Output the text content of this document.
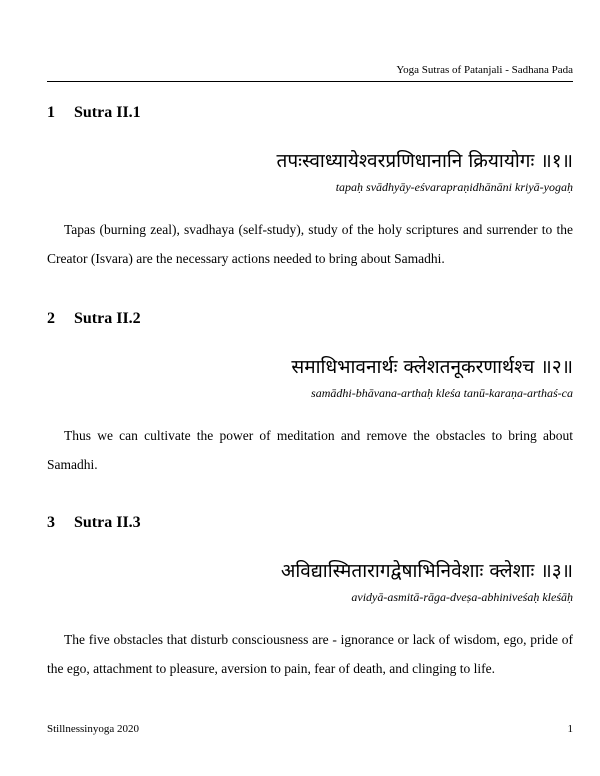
Yoga Sutras of Patanjali - Sadhana Pada
1 Sutra II.1
तपःस्वाध्यायेश्वरप्रणिधानानि क्रियायोगः ॥१॥
tapaḥ svādhyāy-eśvarapraṇidhānāni kriyā-yogaḥ
Tapas (burning zeal), svadhaya (self-study), study of the holy scriptures and surrender to the Creator (Isvara) are the necessary actions needed to bring about Samadhi.
2 Sutra II.2
समाधिभावनार्थः क्लेशतनूकरणार्थश्च ॥२॥
samādhi-bhāvana-arthaḥ kleśa tanū-karaṇa-arthaś-ca
Thus we can cultivate the power of meditation and remove the obstacles to bring about Samadhi.
3 Sutra II.3
अविद्यास्मितारागद्वेषाभिनिवेशाः क्लेशाः ॥३॥
avidyā-asmitā-rāga-dveṣa-abhiniveśaḥ kleśāḥ
The five obstacles that disturb consciousness are - ignorance or lack of wisdom, ego, pride of the ego, attachment to pleasure, aversion to pain, fear of death, and clinging to life.
Stillnessinyoga 2020	1
